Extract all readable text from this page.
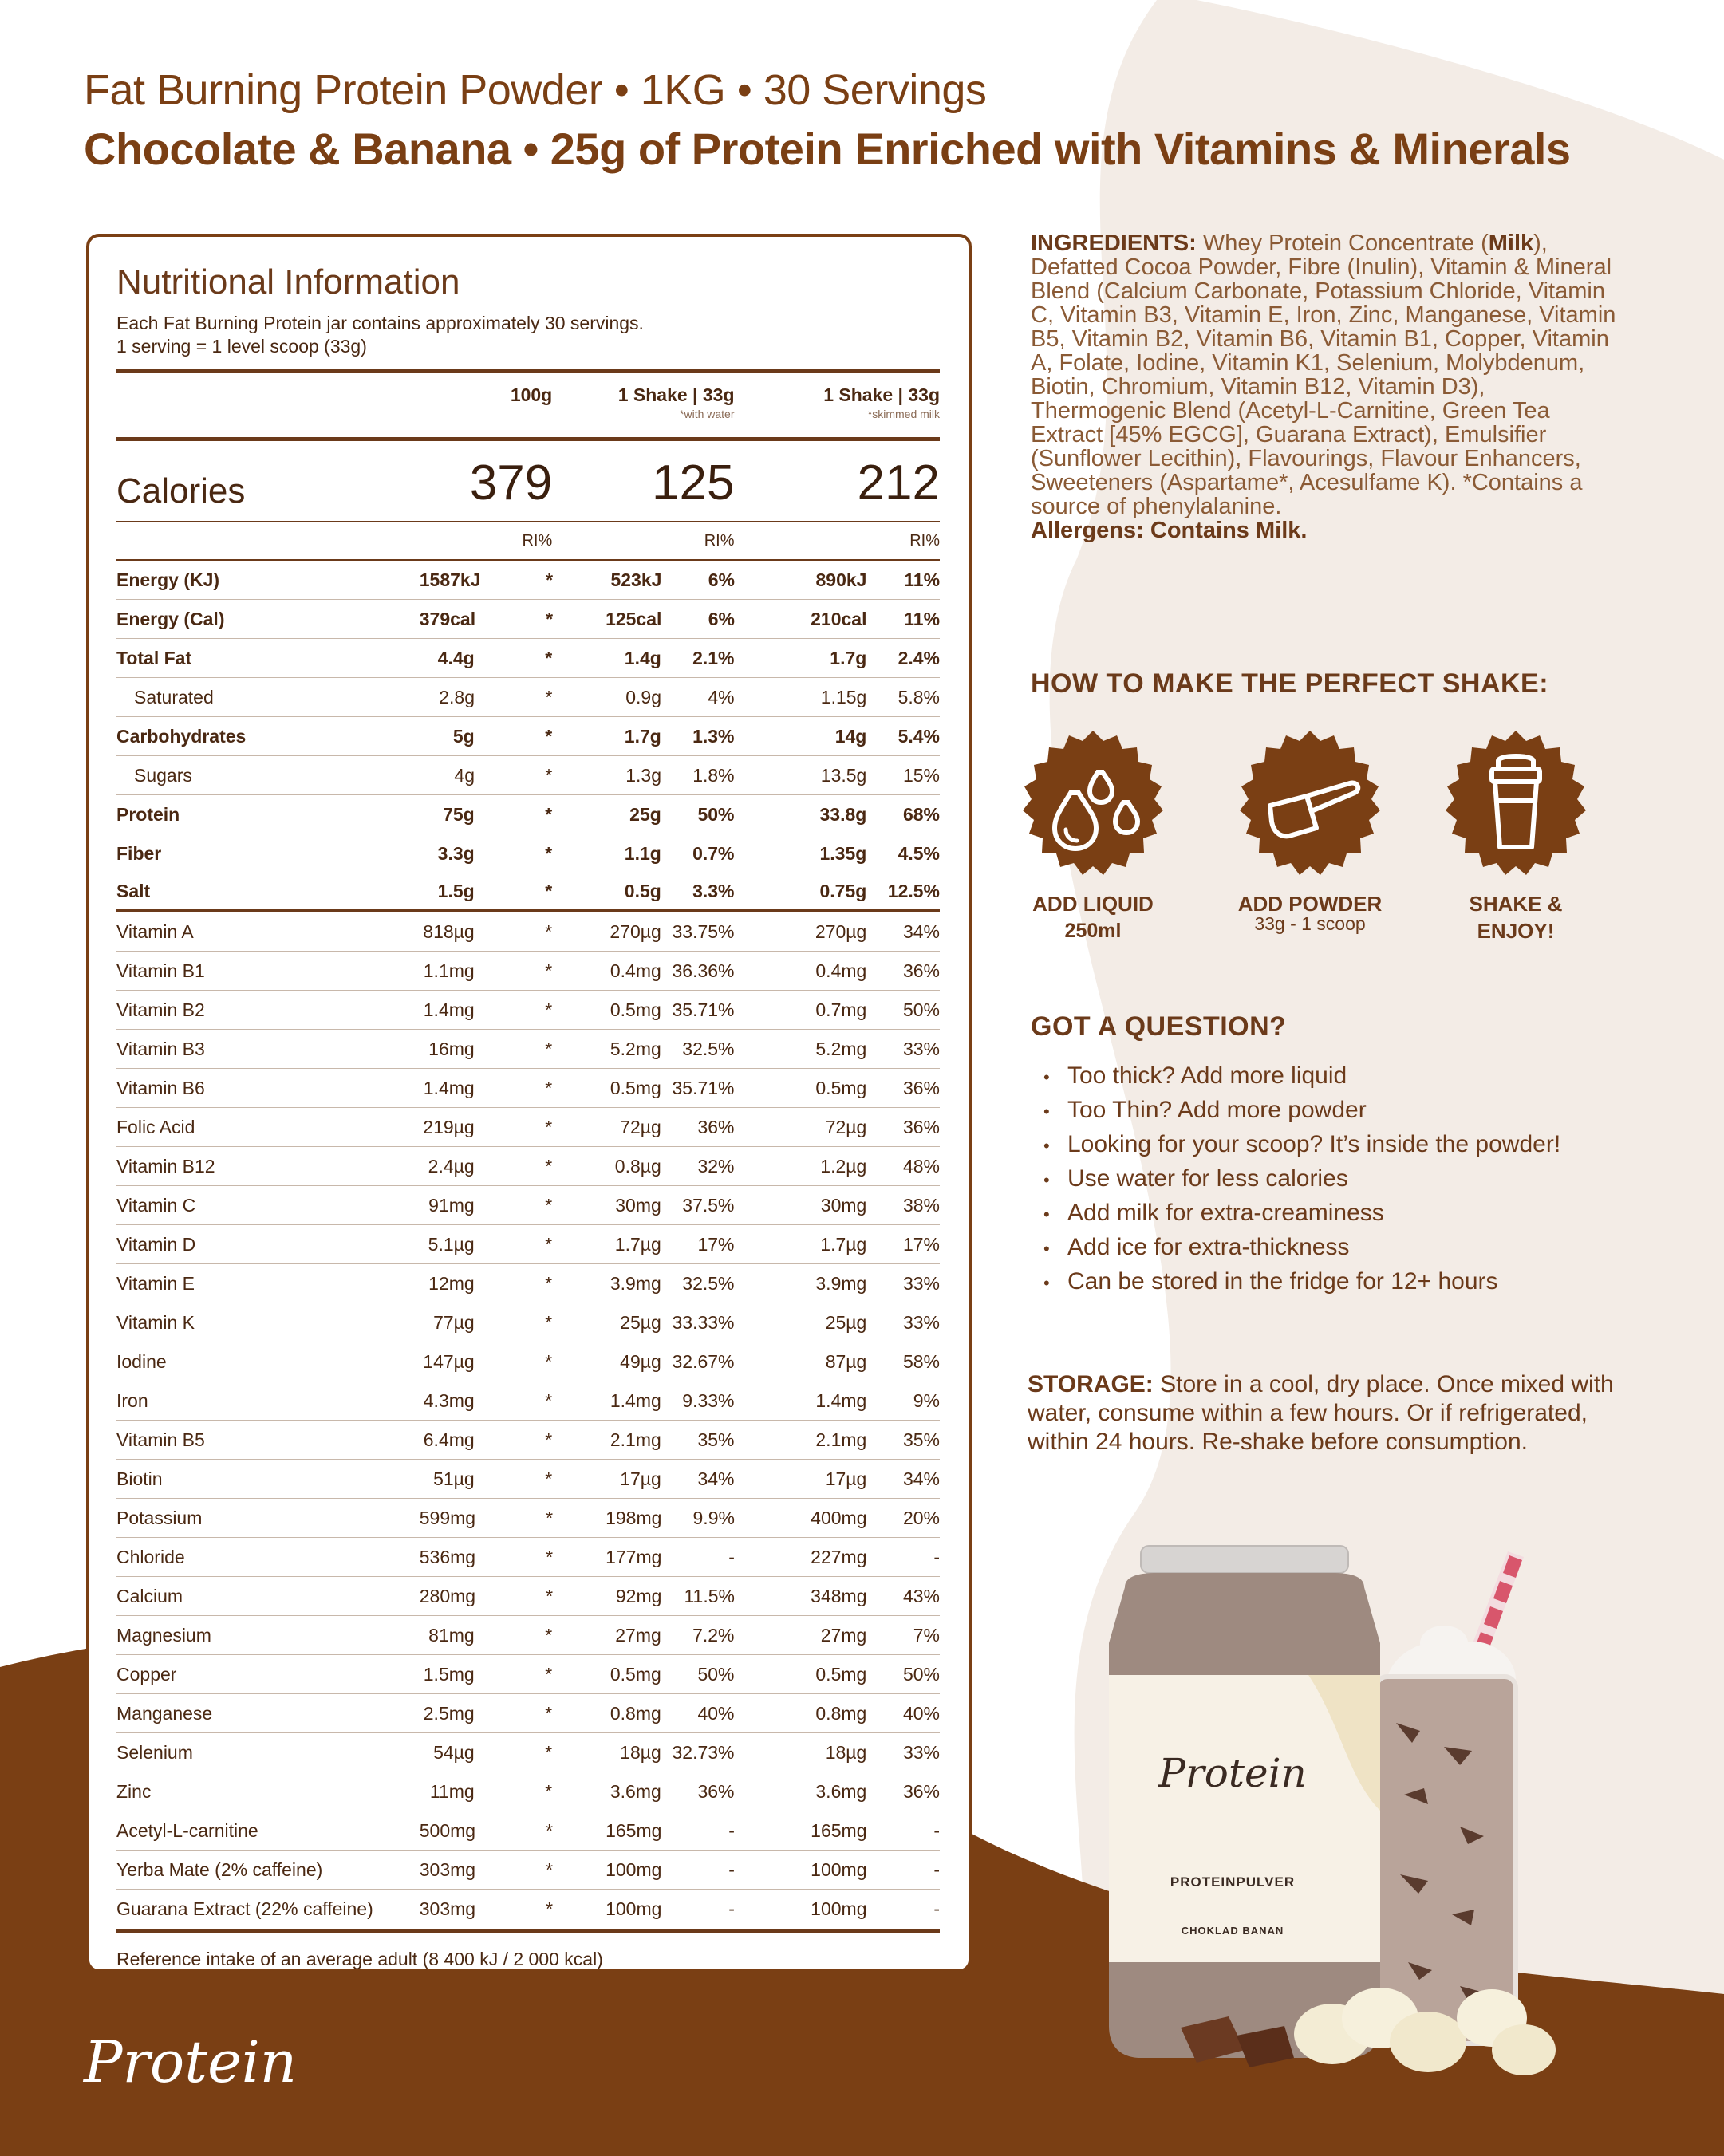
Fat Burning Protein Powder • 1KG • 30 Servings
Chocolate & Banana • 25g of Protein Enriched with Vitamins & Minerals
Nutritional Information
Each Fat Burning Protein jar contains approximately 30 servings.
1 serving = 1 level scoop (33g)
100g	1 Shake | 33g
*with water
1 Shake | 33g
*skimmed milk
Calories	379	125	212
RI%	RI%	RI%
Energy (KJ)	1587kJ	*	523kJ	6%	890kJ	11%
Energy (Cal)	379cal	*	125cal	6%	210cal	11%
Total Fat	4.4g	*	1.4g	2.1%	1.7g	2.4%
Saturated	2.8g	*	0.9g	4%	1.15g	5.8%
Carbohydrates	5g	*	1.7g	1.3%	14g	5.4%
Sugars	4g	*	1.3g	1.8%	13.5g	15%
Protein	75g	*	25g	50%	33.8g	68%
Fiber	3.3g	*	1.1g	0.7%	1.35g	4.5%
Salt	1.5g	*	0.5g	3.3%	0.75g	12.5%
Vitamin A	818µg	*	270µg 33.75%	270µg	34%
Vitamin B1	1.1mg	*	0.4mg 36.36%	0.4mg	36%
Vitamin B2	1.4mg	*	0.5mg 35.71%	0.7mg	50%
Vitamin B3	16mg	*	5.2mg	32.5%	5.2mg	33%
Vitamin B6	1.4mg	*	0.5mg 35.71%	0.5mg	36%
Folic Acid	219µg	*	72µg	36%	72µg	36%
Vitamin B12	2.4µg	*	0.8µg	32%	1.2µg	48%
Vitamin C	91mg	*	30mg	37.5%	30mg	38%
Vitamin D	5.1µg	*	1.7µg	17%	1.7µg	17%
Vitamin E	12mg	*	3.9mg	32.5%	3.9mg	33%
Vitamin K	77µg	*	25µg 33.33%	25µg	33%
Iodine	147µg	*	49µg 32.67%	87µg	58%
Iron	4.3mg	*	1.4mg	9.33%	1.4mg	9%
Vitamin B5	6.4mg	*	2.1mg	35%	2.1mg	35%
Biotin	51µg	*	17µg	34%	17µg	34%
Potassium	599mg	*	198mg	9.9%	400mg	20%
Chloride	536mg	*	177mg	-	227mg	-
Calcium	280mg	*	92mg	11.5%	348mg	43%
Magnesium	81mg	*	27mg	7.2%	27mg	7%
Copper	1.5mg	*	0.5mg	50%	0.5mg	50%
Manganese	2.5mg	*	0.8mg	40%	0.8mg	40%
Selenium	54µg	*	18µg 32.73%	18µg	33%
Zinc	11mg	*	3.6mg	36%	3.6mg	36%
Acetyl-L-carnitine	500mg	*	165mg	-	165mg	-
Yerba Mate (2% caffeine)	303mg	*	100mg	-	100mg	-
Guarana Extract (22% caffeine)	303mg	*	100mg	-	100mg	-
Reference intake of an average adult (8 400 kJ / 2 000 kcal)
INGREDIENTS: Whey Protein Concentrate (Milk), Defatted Cocoa Powder, Fibre (Inulin), Vitamin & Mineral Blend (Calcium Carbonate, Potassium Chloride, Vitamin C, Vitamin B3, Vitamin E, Iron, Zinc, Manganese, Vitamin B5, Vitamin B2, Vitamin B6, Vitamin B1, Copper, Vitamin A, Folate, Iodine, Vitamin K1, Selenium, Molybdenum, Biotin, Chromium, Vitamin B12, Vitamin D3), Thermogenic Blend (Acetyl-L-Carnitine, Green Tea Extract [45% EGCG], Guarana Extract), Emulsifier (Sunflower Lecithin), Flavourings, Flavour Enhancers, Sweeteners (Aspartame*, Acesulfame K). *Contains a source of phenylalanine.
Allergens: Contains Milk.
HOW TO MAKE THE PERFECT SHAKE:
ADD LIQUID
250ml
ADD POWDER
33g - 1 scoop
SHAKE &
ENJOY!
GOT A QUESTION?
• Too thick? Add more liquid
• Too Thin? Add more powder
• Looking for your scoop? It’s inside the powder!
• Use water for less calories
• Add milk for extra-creaminess
• Add ice for extra-thickness
• Can be stored in the fridge for 12+ hours
STORAGE: Store in a cool, dry place. Once mixed with water, consume within a few hours. Or if refrigerated, within 24 hours. Re-shake before consumption.
Protein
PROTEINPULVER
CHOKLAD BANAN
Protein
